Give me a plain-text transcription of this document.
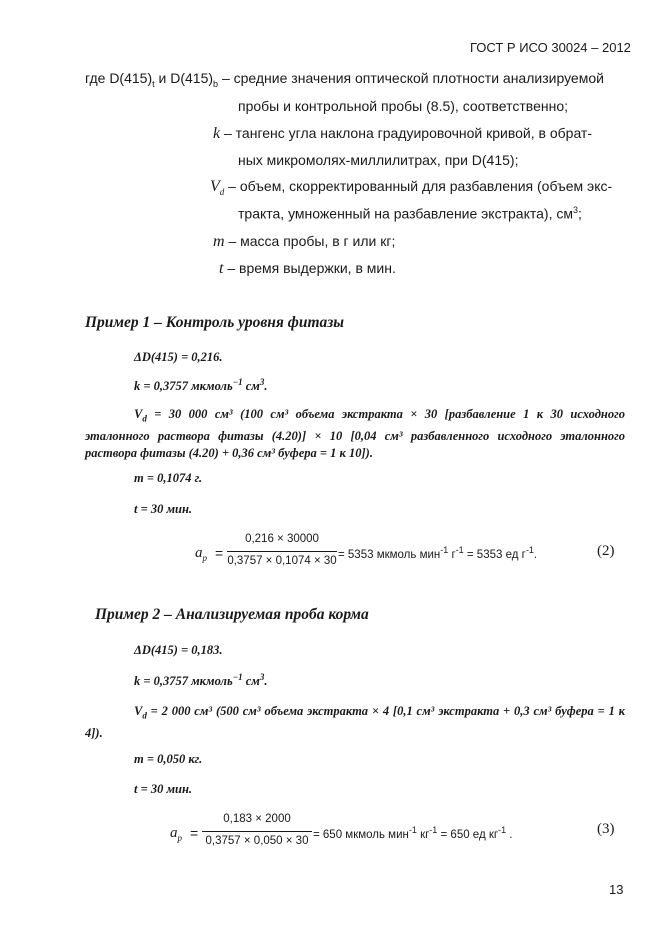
ГОСТ Р ИСО 30024 – 2012
где $D(415)_t$ и $D(415)_b$ – средние значения оптической плотности анализируемой
пробы и контрольной пробы (8.5), соответственно;
k – тангенс угла наклона градуировочной кривой, в обрат-
ных микромолях-миллилитрах, при D(415);
$V_d$ – объем, скорректированный для разбавления (объем экс-
тракта, умноженный на разбавление экстракта), $см^3$;
m – масса пробы, в г или кг;
t – время выдержки, в мин.
Пример 1 – Контроль уровня фитазы
ΔD(415) = 0,216.
k = 0,3757 мкмоль$^{-1}$ $см^3$.
$V_d = 30$ 000 см³ (100 см³ объема экстракта × 30 [разбавление 1 к 30 исходного эталонного раствора фитазы (4.20)] × 10 [0,04 см³ разбавленного исходного эталонного раствора фитазы (4.20) + 0,36 см³ буфера = 1 к 10]).
m = 0,1074 г.
t = 30 мин.
$a_p$ =
0,216 × 30000
0,3757 × 0,1074 × 30
= 5353 мкмоль мин$^{-1}$ $г^{-1} = 5353$ ед $г^{-1}$.	(2)
Пример 2 – Анализируемая проба корма
ΔD(415) = 0,183.
k = 0,3757 мкмоль$^{-1}$ $см^3$.
$V_d = 2$ 000 см³ (500 см³ объема экстракта × 4 [0,1 см³ экстракта + 0,3 см³ буфера = 1 к 4]).
m = 0,050 кг.
t = 30 мин.
$a_p$ =
0,183 × 2000
0,3757 × 0,050 × 30
= 650 мкмоль мин$^{-1}$ $кг^{-1} = 650$ ед $кг^{-1}$ .	(3)
13
